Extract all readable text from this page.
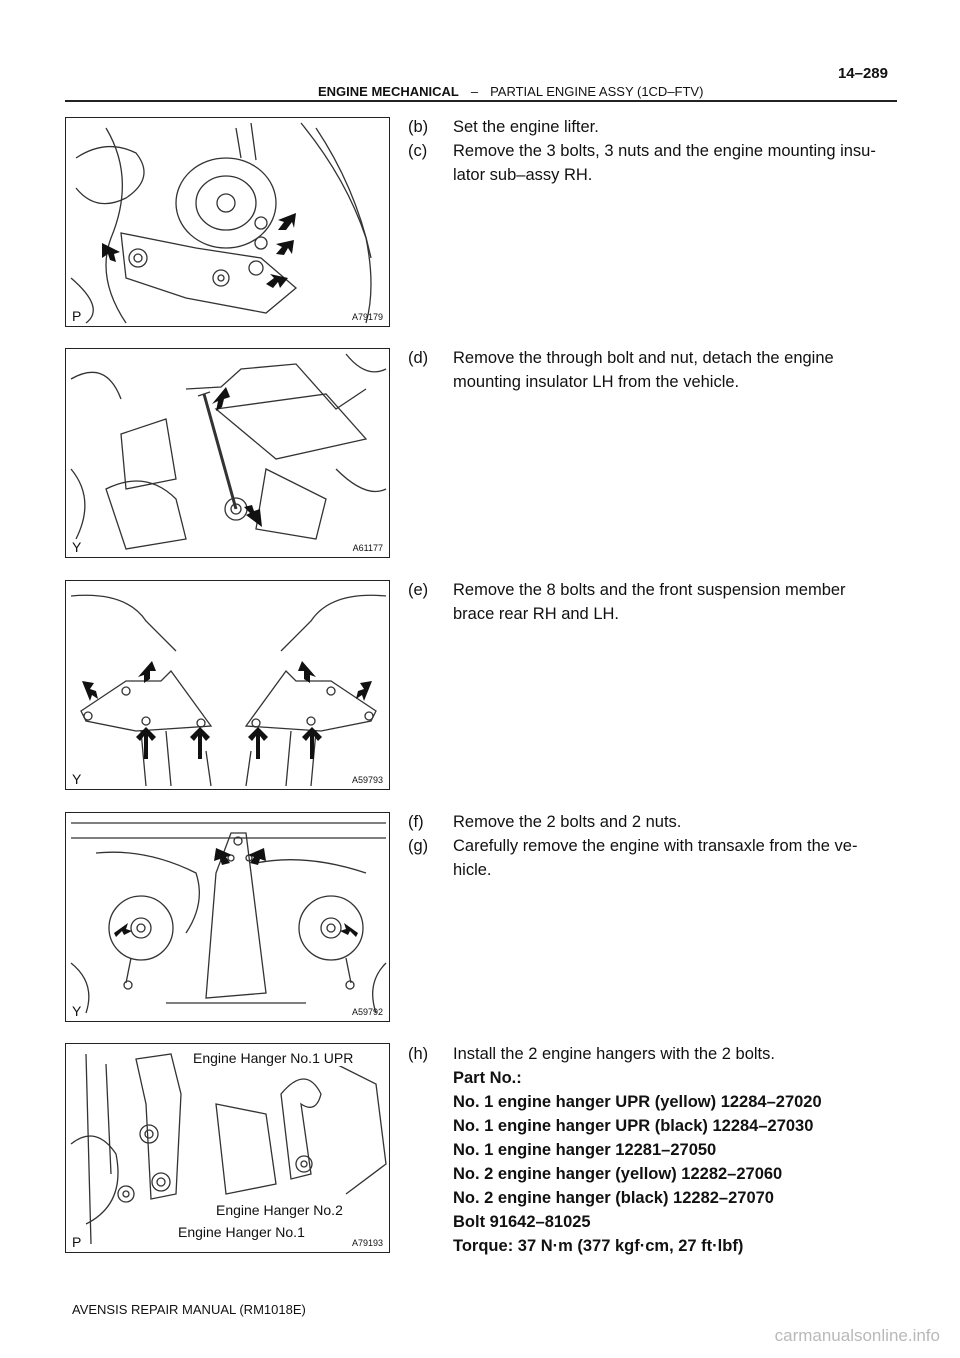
14–289
ENGINE MECHANICAL – PARTIAL ENGINE ASSY (1CD–FTV)
P	A79179
Y	A61177
Y	A59793
Y	A59792
Engine Hanger No.1 UPR
Engine Hanger No.2
Engine Hanger No.1
P	A79193
(b)	Set the engine lifter.
(c)	Remove the 3 bolts, 3 nuts and the engine mounting insu-
lator sub–assy RH.
(d)	Remove the through bolt and nut, detach the engine
mounting insulator LH from the vehicle.
(e)	Remove the 8 bolts and the front suspension member
brace rear RH and LH.
(f)	Remove the 2 bolts and 2 nuts.
(g)	Carefully remove the engine with transaxle from the ve-
hicle.
(h)	Install the 2 engine hangers with the 2 bolts.
Part No.:
No. 1 engine hanger UPR (yellow) 12284–27020
No. 1 engine hanger UPR (black) 12284–27030
No. 1 engine hanger 12281–27050
No. 2 engine hanger (yellow) 12282–27060
No. 2 engine hanger (black) 12282–27070
Bolt 91642–81025
Torque: 37 N·m (377 kgf·cm, 27 ft·lbf)
AVENSIS REPAIR MANUAL (RM1018E)
carmanualsonline.info
